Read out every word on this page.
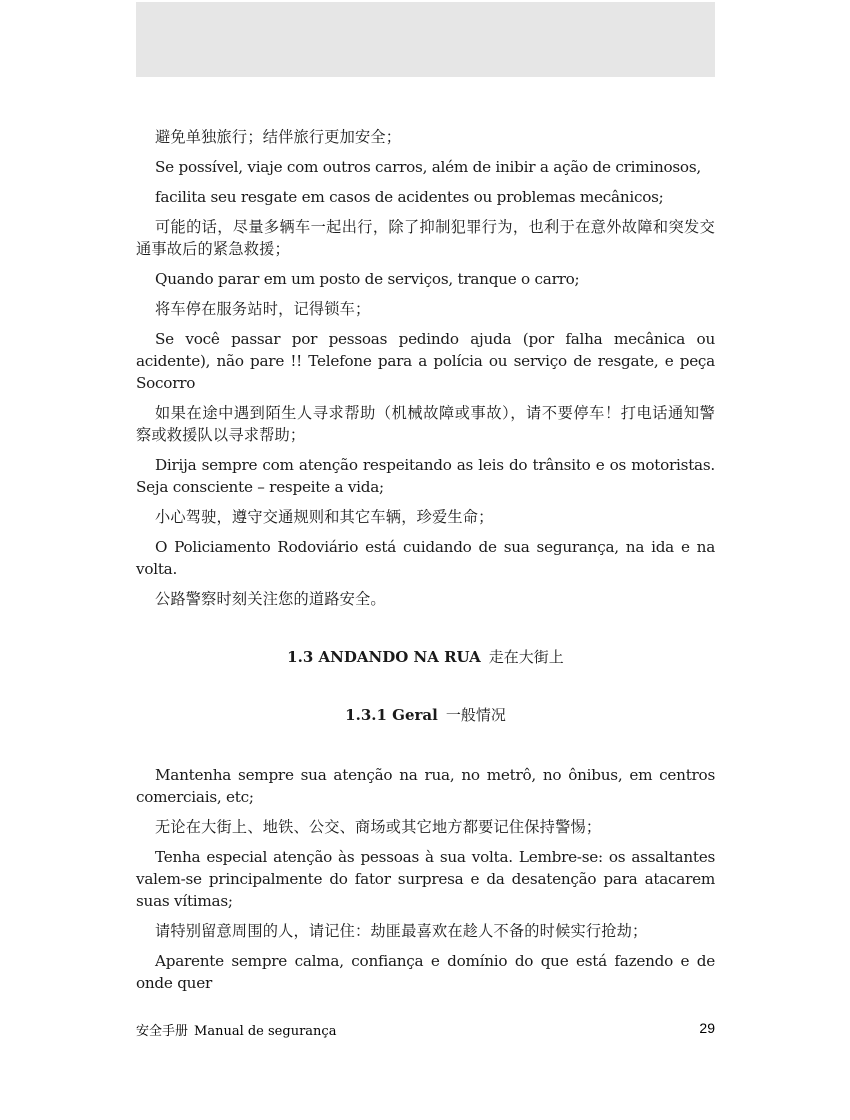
避免单独旅行；结伴旅行更加安全；

Se possível, viaje com outros carros, além de inibir a ação de criminosos,

facilita seu resgate em casos de acidentes ou problemas mecânicos;

可能的话，尽量多辆车一起出行，除了抑制犯罪行为，也利于在意外故障和突发交通事故后的紧急救援；

Quando parar em um posto de serviços, tranque o carro;

将车停在服务站时，记得锁车；

Se você passar por pessoas pedindo ajuda (por falha mecânica ou acidente), não pare !! Telefone para a polícia ou serviço de resgate, e peça Socorro

如果在途中遇到陌生人寻求帮助（机械故障或事故），请不要停车！打电话通知警察或救援队以寻求帮助；

Dirija sempre com atenção respeitando as leis do trânsito e os motoristas. Seja consciente – respeite a vida;

小心驾驶，遵守交通规则和其它车辆，珍爱生命；

O Policiamento Rodoviário está cuidando de sua segurança, na ida e na volta.

公路警察时刻关注您的道路安全。

1.3 ANDANDO NA RUA 走在大街上
1.3.1 Geral 一般情况

Mantenha sempre sua atenção na rua, no metrô, no ônibus, em centros comerciais, etc;

无论在大街上、地铁、公交、商场或其它地方都要记住保持警惕；

Tenha especial atenção às pessoas à sua volta. Lembre-se: os assaltantes valem-se principalmente do fator surpresa e da desatenção para atacarem suas vítimas;

请特别留意周围的人，请记住：劫匪最喜欢在趁人不备的时候实行抢劫；

Aparente sempre calma, confiança e domínio do que está fazendo e de onde quer

安全手册 Manual de segurança	29
